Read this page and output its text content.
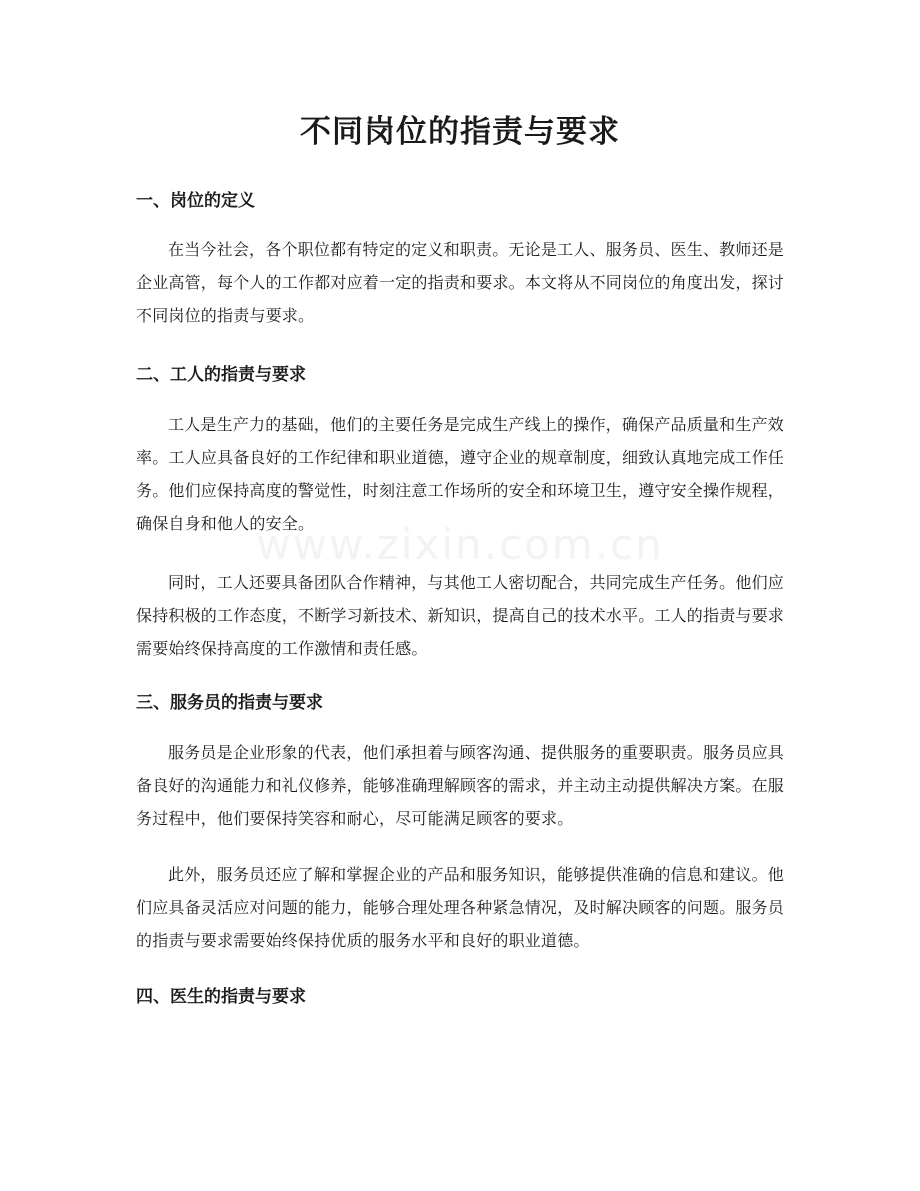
不同岗位的指责与要求
www.zixin.com.cn
一、岗位的定义

在当今社会，各个职位都有特定的定义和职责。无论是工人、服务员、医生、教师还是企业高管，每个人的工作都对应着一定的指责和要求。本文将从不同岗位的角度出发，探讨不同岗位的指责与要求。

二、工人的指责与要求

工人是生产力的基础，他们的主要任务是完成生产线上的操作，确保产品质量和生产效率。工人应具备良好的工作纪律和职业道德，遵守企业的规章制度，细致认真地完成工作任务。他们应保持高度的警觉性，时刻注意工作场所的安全和环境卫生，遵守安全操作规程，确保自身和他人的安全。

同时，工人还要具备团队合作精神，与其他工人密切配合，共同完成生产任务。他们应保持积极的工作态度，不断学习新技术、新知识，提高自己的技术水平。工人的指责与要求需要始终保持高度的工作激情和责任感。

三、服务员的指责与要求

服务员是企业形象的代表，他们承担着与顾客沟通、提供服务的重要职责。服务员应具备良好的沟通能力和礼仪修养，能够准确理解顾客的需求，并主动主动提供解决方案。在服务过程中，他们要保持笑容和耐心，尽可能满足顾客的要求。

此外，服务员还应了解和掌握企业的产品和服务知识，能够提供准确的信息和建议。他们应具备灵活应对问题的能力，能够合理处理各种紧急情况，及时解决顾客的问题。服务员的指责与要求需要始终保持优质的服务水平和良好的职业道德。

四、医生的指责与要求
